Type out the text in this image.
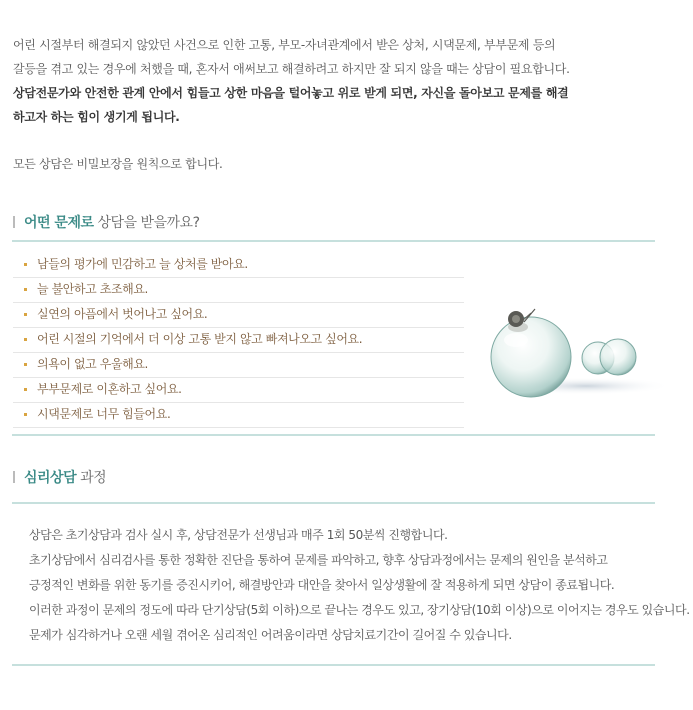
어린 시절부터 해결되지 않았던 사건으로 인한 고통, 부모-자녀관계에서 받은 상처, 시댁문제, 부부문제 등의

갈등을 겪고 있는 경우에 처했을 때, 혼자서 애써보고 해결하려고 하지만 잘 되지 않을 때는 상담이 필요합니다.

상담전문가와 안전한 관계 안에서 힘들고 상한 마음을 털어놓고 위로 받게 되면, 자신을 돌아보고 문제를 해결

하고자 하는 힘이 생기게 됩니다.

모든 상담은 비밀보장을 원칙으로 합니다.

어떤 문제로 상담을 받을까요?
남들의 평가에 민감하고 늘 상처를 받아요.
늘 불안하고 초조해요.
실연의 아픔에서 벗어나고 싶어요.
어린 시절의 기억에서 더 이상 고통 받지 않고 빠져나오고 싶어요.
의욕이 없고 우울해요.
부부문제로 이혼하고 싶어요.
시댁문제로 너무 힘들어요.
심리상담 과정

상담은 초기상담과 검사 실시 후, 상담전문가 선생님과 매주 1회 50분씩 진행합니다.

초기상담에서 심리검사를 통한 정확한 진단을 통하여 문제를 파악하고, 향후 상담과정에서는 문제의 원인을 분석하고

긍정적인 변화를 위한 동기를 증진시키어, 해결방안과 대안을 찾아서 일상생활에 잘 적용하게 되면 상담이 종료됩니다.

이러한 과정이 문제의 정도에 따라 단기상담(5회 이하)으로 끝나는 경우도 있고, 장기상담(10회 이상)으로 이어지는 경우도 있습니다.

문제가 심각하거나 오랜 세월 겪어온 심리적인 어려움이라면 상담치료기간이 길어질 수 있습니다.
